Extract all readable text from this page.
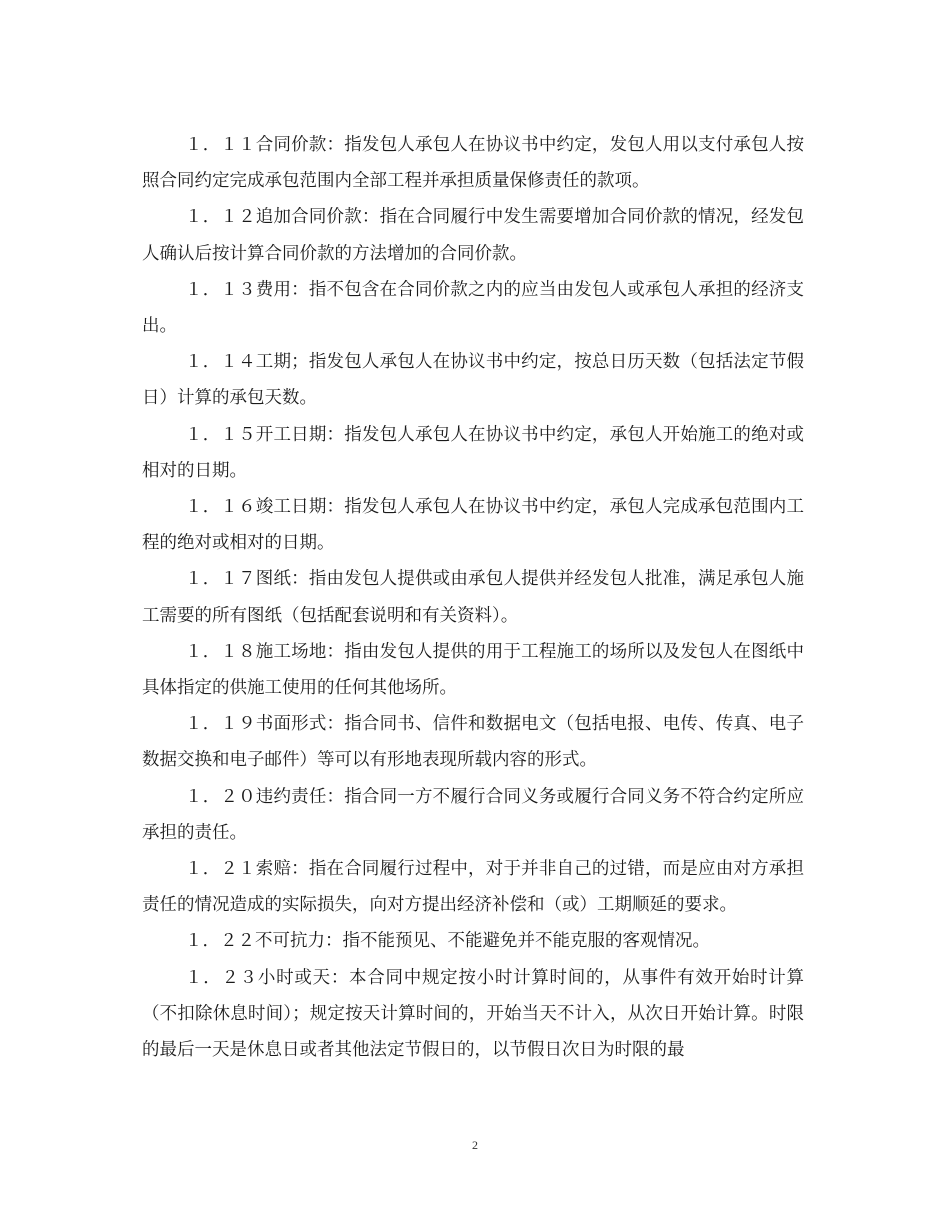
１．１１合同价款：指发包人承包人在协议书中约定，发包人用以支付承包人按照合同约定完成承包范围内全部工程并承担质量保修责任的款项。

１．１２追加合同价款：指在合同履行中发生需要增加合同价款的情况，经发包人确认后按计算合同价款的方法增加的合同价款。

１．１３费用：指不包含在合同价款之内的应当由发包人或承包人承担的经济支出。

１．１４工期；指发包人承包人在协议书中约定，按总日历天数（包括法定节假日）计算的承包天数。

１．１５开工日期：指发包人承包人在协议书中约定，承包人开始施工的绝对或相对的日期。

１．１６竣工日期：指发包人承包人在协议书中约定，承包人完成承包范围内工程的绝对或相对的日期。

１．１７图纸：指由发包人提供或由承包人提供并经发包人批准，满足承包人施工需要的所有图纸（包括配套说明和有关资料）。

１．１８施工场地：指由发包人提供的用于工程施工的场所以及发包人在图纸中具体指定的供施工使用的任何其他场所。

１．１９书面形式：指合同书、信件和数据电文（包括电报、电传、传真、电子数据交换和电子邮件）等可以有形地表现所载内容的形式。

１．２０违约责任：指合同一方不履行合同义务或履行合同义务不符合约定所应承担的责任。

１．２１索赔：指在合同履行过程中，对于并非自己的过错，而是应由对方承担责任的情况造成的实际损失，向对方提出经济补偿和（或）工期顺延的要求。

１．２２不可抗力：指不能预见、不能避免并不能克服的客观情况。

１．２３小时或天：本合同中规定按小时计算时间的，从事件有效开始时计算（不扣除休息时间）；规定按天计算时间的，开始当天不计入，从次日开始计算。时限的最后一天是休息日或者其他法定节假日的，以节假日次日为时限的最

2
